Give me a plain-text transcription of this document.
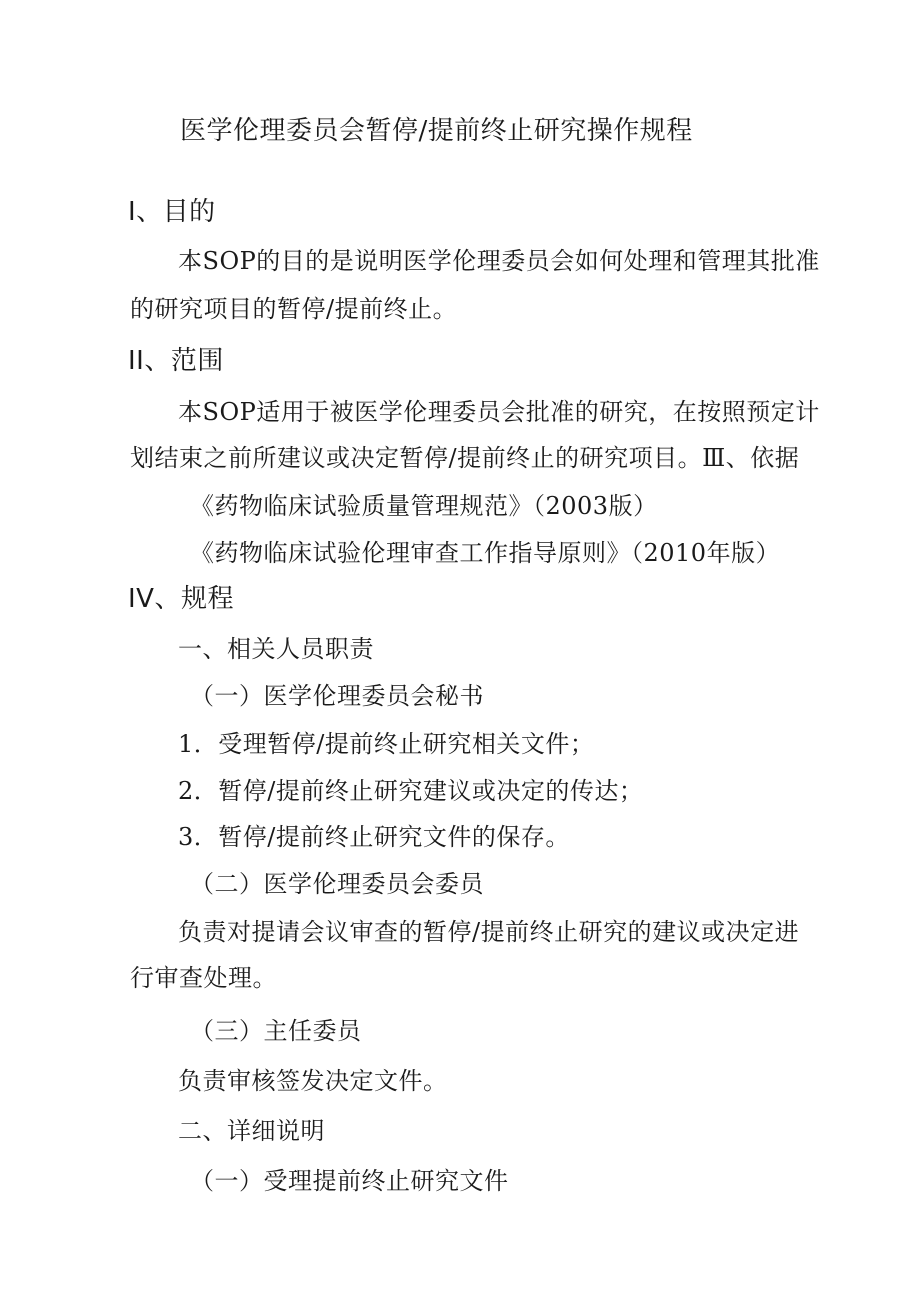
医学伦理委员会暂停/提前终止研究操作规程
I、目的
本SOP的目的是说明医学伦理委员会如何处理和管理其批准
的研究项目的暂停/提前终止。
II、范围
本SOP适用于被医学伦理委员会批准的研究，在按照预定计
划结束之前所建议或决定暂停/提前终止的研究项目。Ⅲ、依据
《药物临床试验质量管理规范》（2003版）
《药物临床试验伦理审查工作指导原则》（2010年版）
IV、规程
一、相关人员职责
（一）医学伦理委员会秘书
1．受理暂停/提前终止研究相关文件；
2．暂停/提前终止研究建议或决定的传达；
3．暂停/提前终止研究文件的保存。
（二）医学伦理委员会委员
负责对提请会议审查的暂停/提前终止研究的建议或决定进
行审查处理。
（三）主任委员
负责审核签发决定文件。
二、详细说明
（一）受理提前终止研究文件
